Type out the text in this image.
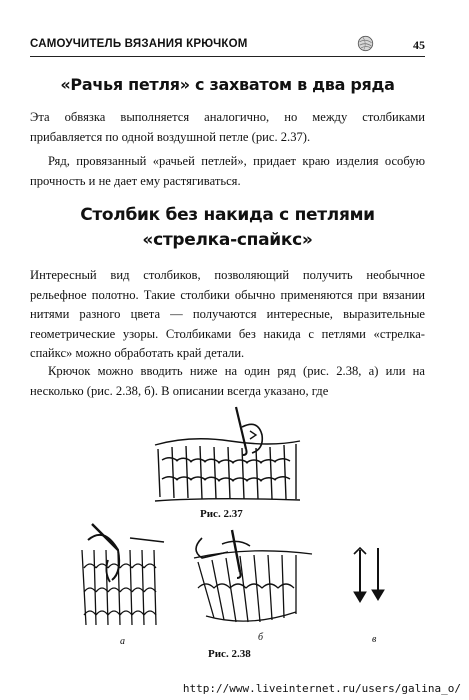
САМОУЧИТЕЛЬ ВЯЗАНИЯ КРЮЧКОМ	45
«Рачья петля» с захватом в два ряда

Эта обвязка выполняется аналогично, но между столбиками прибавляется по одной воздушной петле (рис. 2.37).

Ряд, провязанный «рачьей петлей», придает краю изделия особую прочность и не дает ему растягиваться.

Столбик без накида с петлями
«стрелка-спайкс»

Интересный вид столбиков, позволяющий получить необычное рельефное полотно. Такие столбики обычно применяются при вязании нитями разного цвета — получаются интересные, выразительные геометрические узоры. Столбиками без накида с петлями «стрелка-спайкс» можно обработать край детали.

Крючок можно вводить ниже на один ряд (рис. 2.38, а) или на несколько (рис. 2.38, б). В описании всегда указано, где

Рис. 2.37
а	б	в
Рис. 2.38
http://www.liveinternet.ru/users/galina_o/
